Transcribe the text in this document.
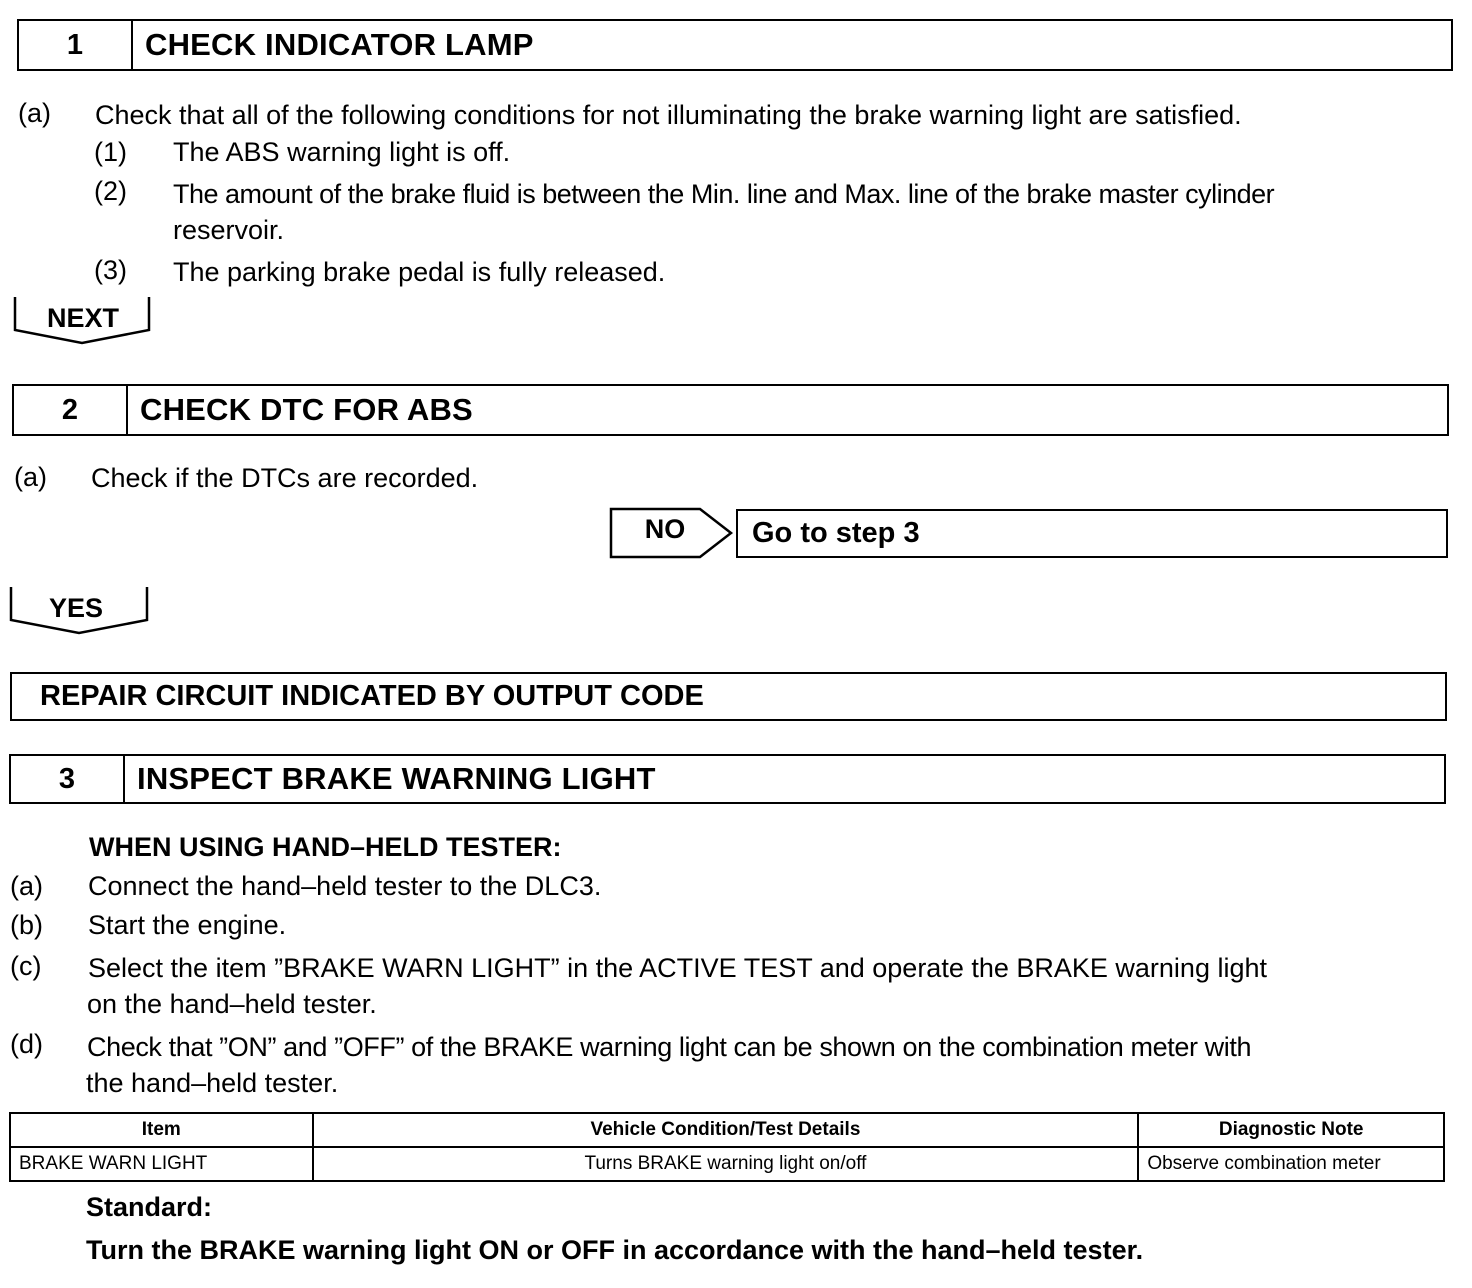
1	CHECK INDICATOR LAMP
(a) Check that all of the following conditions for not illuminating the brake warning light are satisfied.
(1) The ABS warning light is off.
(2) The amount of the brake fluid is between the Min. line and Max. line of the brake master cylinder
reservoir.
(3) The parking brake pedal is fully released.
NEXT
2	CHECK DTC FOR ABS
(a) Check if the DTCs are recorded.
NO	Go to step 3
YES
REPAIR CIRCUIT INDICATED BY OUTPUT CODE
3	INSPECT BRAKE WARNING LIGHT
WHEN USING HAND–HELD TESTER:
(a) Connect the hand–held tester to the DLC3.
(b) Start the engine.
(c) Select the item ”BRAKE WARN LIGHT” in the ACTIVE TEST and operate the BRAKE warning light
on the hand–held tester.
(d) Check that ”ON” and ”OFF” of the BRAKE warning light can be shown on the combination meter with
the hand–held tester.
Item	Vehicle Condition/Test Details	Diagnostic Note
BRAKE WARN LIGHT	Turns BRAKE warning light on/off	Observe combination meter
Standard:
Turn the BRAKE warning light ON or OFF in accordance with the hand–held tester.
